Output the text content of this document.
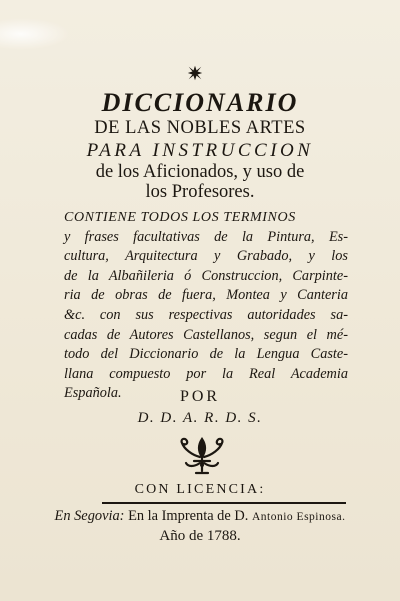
DICCIONARIO
DE LAS NOBLES ARTES
PARA INSTRUCCION
de los Aficionados, y uso de
los Profesores.
CONTIENE TODOS LOS TERMINOS
y frases facultativas de la Pintura, Es-
cultura, Arquitectura y Grabado, y los
de la Albañileria ó Construccion, Carpinte-
ria de obras de fuera, Montea y Canteria
&c. con sus respectivas autoridades sa-
cadas de Autores Castellanos, segun el mé-
todo del Diccionario de la Lengua Caste-
llana compuesto por la Real Academia
Española.	POR
D. D. A. R. D. S.
CON LICENCIA:
En Segovia: En la Imprenta de D. Antonio Espinosa.
Año de 1788.
